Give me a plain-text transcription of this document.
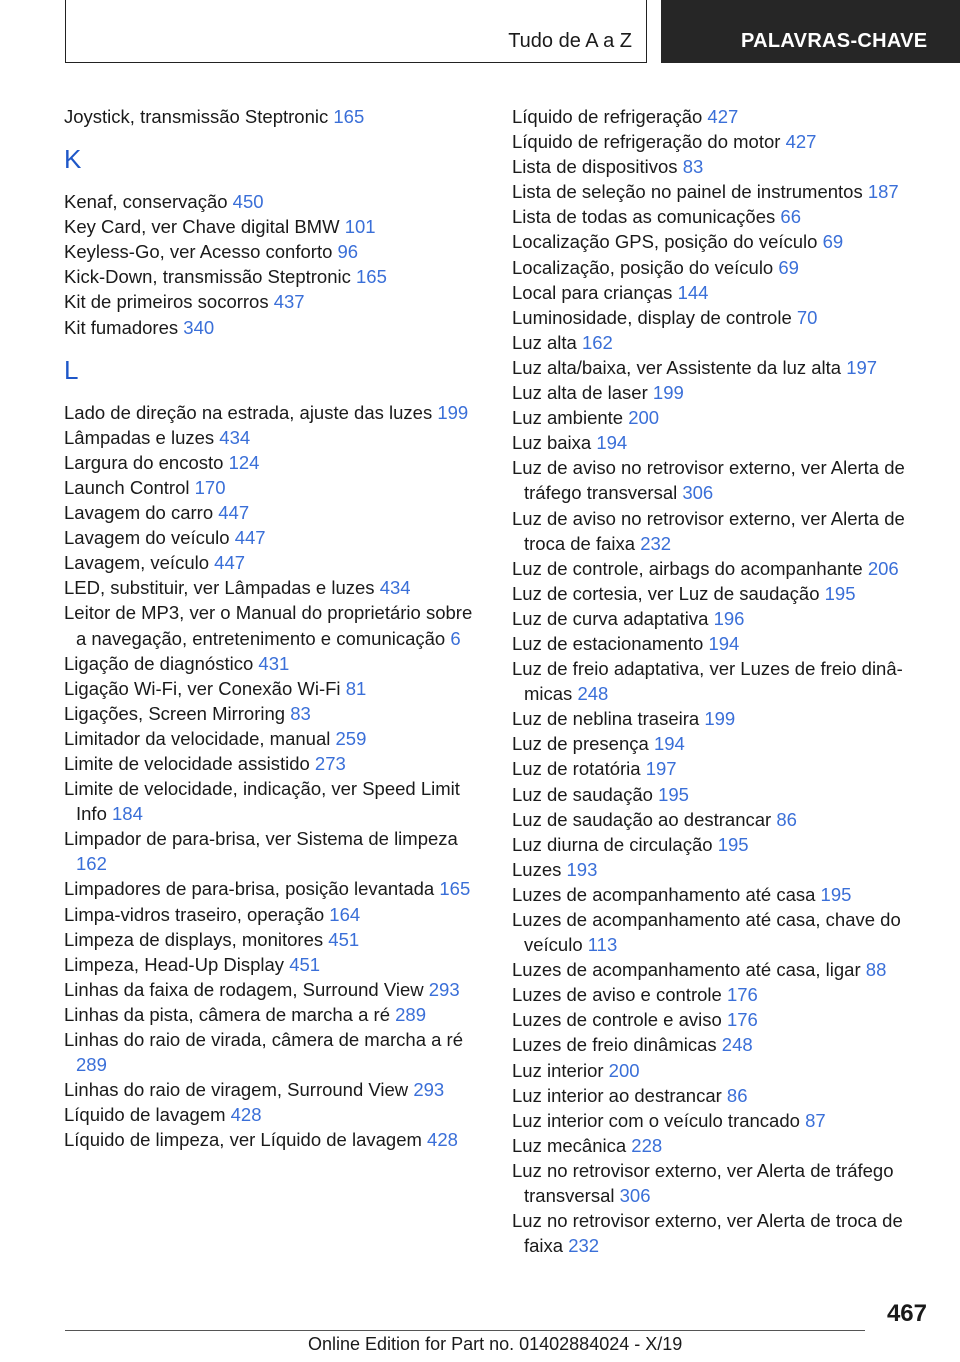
Tudo de A a Z	PALAVRAS-CHAVE

Joystick, transmissão Steptronic 165

K

Kenaf, conservação 450

Key Card, ver Chave digital BMW 101

Keyless-Go, ver Acesso conforto 96

Kick-Down, transmissão Steptronic 165

Kit de primeiros socorros 437

Kit fumadores 340

L

Lado de direção na estrada, ajuste das luzes 199

Lâmpadas e luzes 434

Largura do encosto 124

Launch Control 170

Lavagem do carro 447

Lavagem do veículo 447

Lavagem, veículo 447

LED, substituir, ver Lâmpadas e luzes 434

Leitor de MP3, ver o Manual do proprietário sobre a navegação, entretenimento e comunicação 6

Ligação de diagnóstico 431

Ligação Wi-Fi, ver Conexão Wi-Fi 81

Ligações, Screen Mirroring 83

Limitador da velocidade, manual 259

Limite de velocidade assistido 273

Limite de velocidade, indicação, ver Speed Limit Info 184

Limpador de para-brisa, ver Sistema de limpeza 162

Limpadores de para-brisa, posição levantada 165

Limpa-vidros traseiro, operação 164

Limpeza de displays, monitores 451

Limpeza, Head-Up Display 451

Linhas da faixa de rodagem, Surround View 293

Linhas da pista, câmera de marcha a ré 289

Linhas do raio de virada, câmera de marcha a ré 289

Linhas do raio de viragem, Surround View 293

Líquido de lavagem 428

Líquido de limpeza, ver Líquido de lavagem 428

Líquido de refrigeração 427

Líquido de refrigeração do motor 427

Lista de dispositivos 83

Lista de seleção no painel de instrumentos 187

Lista de todas as comunicações 66

Localização GPS, posição do veículo 69

Localização, posição do veículo 69

Local para crianças 144

Luminosidade, display de controle 70

Luz alta 162

Luz alta/baixa, ver Assistente da luz alta 197

Luz alta de laser 199

Luz ambiente 200

Luz baixa 194

Luz de aviso no retrovisor externo, ver Alerta de tráfego transversal 306

Luz de aviso no retrovisor externo, ver Alerta de troca de faixa 232

Luz de controle, airbags do acompanhante 206

Luz de cortesia, ver Luz de saudação 195

Luz de curva adaptativa 196

Luz de estacionamento 194

Luz de freio adaptativa, ver Luzes de freio dinâmicas 248

Luz de neblina traseira 199

Luz de presença 194

Luz de rotatória 197

Luz de saudação 195

Luz de saudação ao destrancar 86

Luz diurna de circulação 195

Luzes 193

Luzes de acompanhamento até casa 195

Luzes de acompanhamento até casa, chave do veículo 113

Luzes de acompanhamento até casa, ligar 88

Luzes de aviso e controle 176

Luzes de controle e aviso 176

Luzes de freio dinâmicas 248

Luz interior 200

Luz interior ao destrancar 86

Luz interior com o veículo trancado 87

Luz mecânica 228

Luz no retrovisor externo, ver Alerta de tráfego transversal 306

Luz no retrovisor externo, ver Alerta de troca de faixa 232

467
Online Edition for Part no. 01402884024 - X/19
